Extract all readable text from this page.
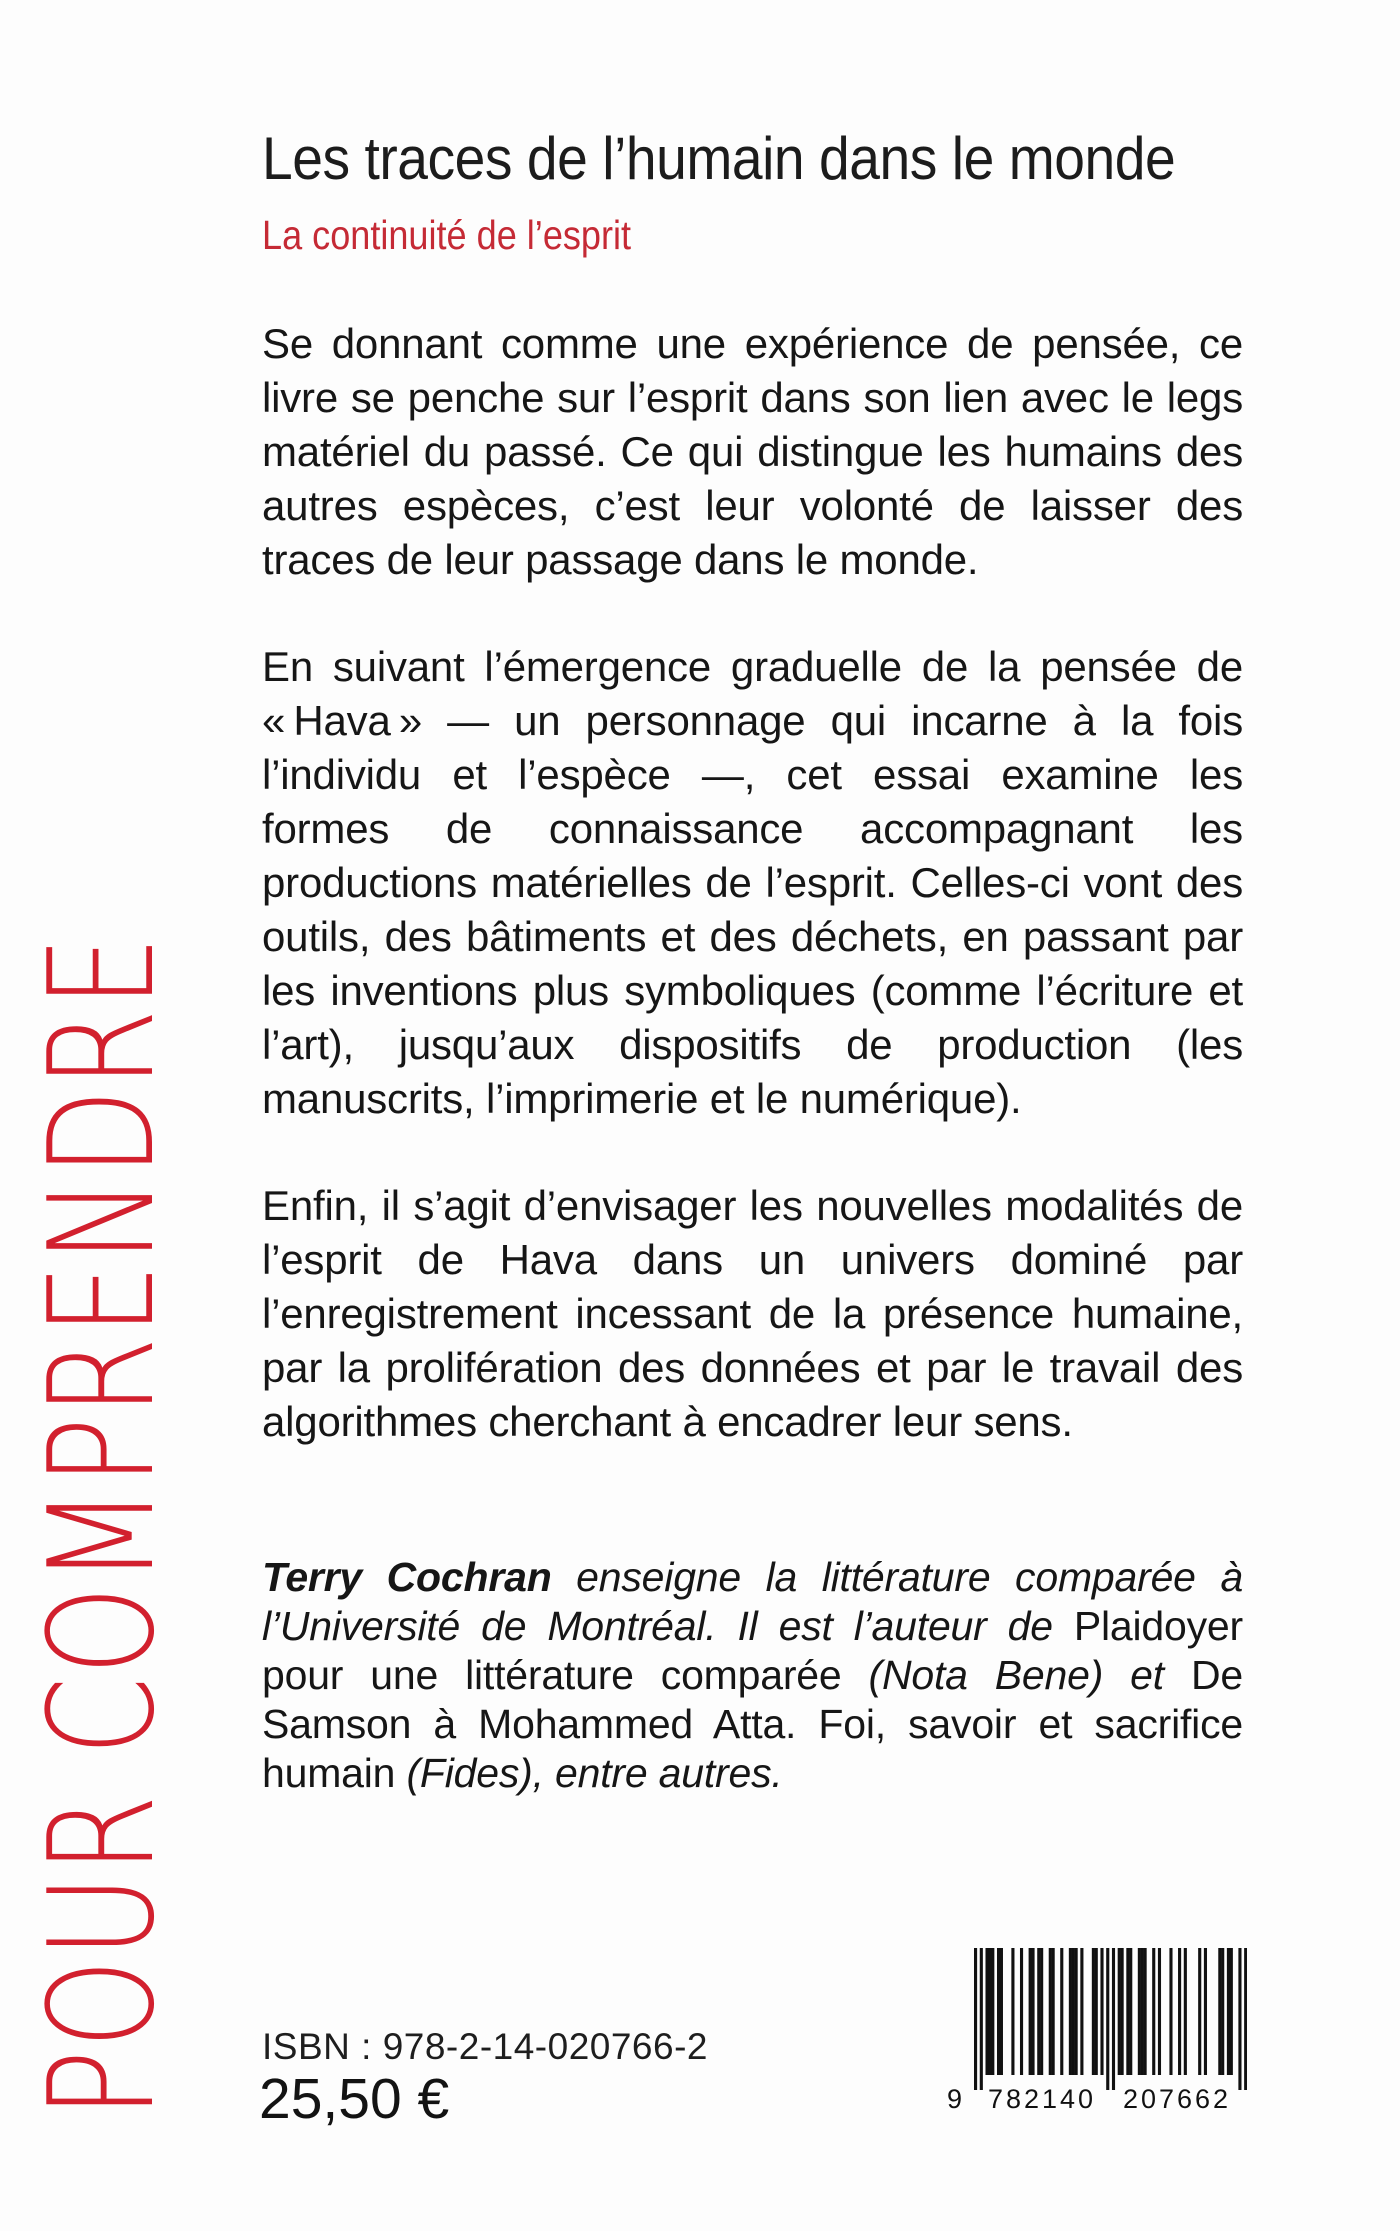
POUR COMPRENDRE
Les traces de l’humain dans le monde
La continuité de l’esprit

Se donnant comme une expérience de pensée, ce livre se penche sur l’esprit dans son lien avec le legs matériel du passé. Ce qui distingue les humains des autres espèces, c’est leur volonté de laisser des traces de leur passage dans le monde.

En suivant l’émergence graduelle de la pensée de « Hava » — un personnage qui incarne à la fois l’individu et l’espèce —, cet essai examine les formes de connaissance accompagnant les productions matérielles de l’esprit. Celles-ci vont des outils, des bâtiments et des déchets, en passant par les inventions plus symboliques (comme l’écriture et l’art), jusqu’aux dispositifs de production (les manuscrits, l’imprimerie et le numérique).

Enfin, il s’agit d’envisager les nouvelles modalités de l’esprit de Hava dans un univers dominé par l’enregistrement incessant de la présence humaine, par la prolifération des données et par le travail des algorithmes cherchant à encadrer leur sens.

Terry Cochran enseigne la littérature comparée à l’Université de Montréal. Il est l’auteur de Plaidoyer pour une littérature comparée (Nota Bene) et De Samson à Mohammed Atta. Foi, savoir et sacrifice humain (Fides), entre autres.

ISBN : 978-2-14-020766-2
25,50 €	9 782140 207662
